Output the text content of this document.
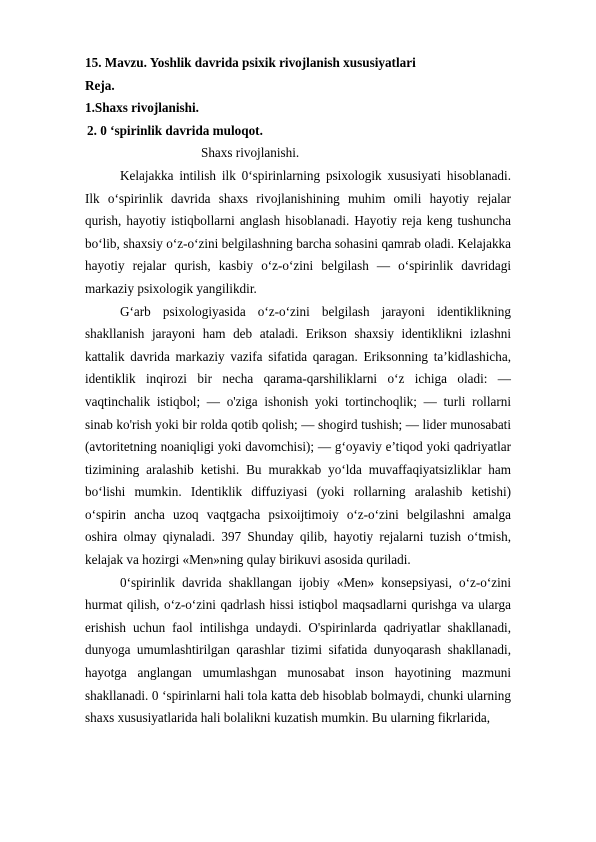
15. Mavzu. Yoshlik davrida psixik rivojlanish xususiyatlari

Reja.

1.Shaxs rivojlanishi.

2. 0 ‘spirinlik davrida muloqot.

Shaxs rivojlanishi.

Kelajakka intilish ilk 0‘spirinlarning psixologik xususiyati hisoblanadi. Ilk o‘spirinlik davrida shaxs rivojlanishining muhim omili hayotiy rejalar qurish, hayotiy istiqbollarni anglash hisoblanadi. Hayotiy reja keng tushuncha bo‘lib, shaxsiy o‘z-o‘zini belgilashning barcha sohasini qamrab oladi. Kelajakka hayotiy rejalar qurish, kasbiy o‘z-o‘zini belgilash — o‘spirinlik davridagi markaziy psixologik yangilikdir.

G‘arb psixologiyasida o‘z-o‘zini belgilash jarayoni identiklikning shakllanish jarayoni ham deb ataladi. Erikson shaxsiy identiklikni izlashni kattalik davrida markaziy vazifa sifatida qaragan. Eriksonning ta’kidlashicha, identiklik inqirozi bir necha qarama-qarshiliklarni o‘z ichiga oladi: — vaqtinchalik istiqbol; — o'ziga ishonish yoki tortinchoqlik; — turli rollarni sinab ko'rish yoki bir rolda qotib qolish; — shogird tushish; — lider munosabati (avtoritetning noaniqligi yoki davomchisi); — g‘oyaviy e’tiqod yoki qadriyatlar tizimining aralashib ketishi. Bu murakkab yo‘lda muvaffaqiyatsizliklar ham bo‘lishi mumkin. Identiklik diffuziyasi (yoki rollarning aralashib ketishi) o‘spirin ancha uzoq vaqtgacha psixoijtimoiy o‘z-o‘zini belgilashni amalga oshira olmay qiynaladi. 397 Shunday qilib, hayotiy rejalarni tuzish o‘tmish, kelajak va hozirgi «Men»ning qulay birikuvi asosida quriladi.

0‘spirinlik davrida shakllangan ijobiy «Men» konsepsiyasi, o‘z-o‘zini hurmat qilish, o‘z-o‘zini qadrlash hissi istiqbol maqsadlarni qurishga va ularga erishish uchun faol intilishga undaydi. O'spirinlarda qadriyatlar shakllanadi, dunyoga umumlashtirilgan qarashlar tizimi sifatida dunyoqarash shakllanadi, hayotga anglangan umumlashgan munosabat inson hayotining mazmuni shakllanadi. 0 ‘spirinlarni hali tola katta deb hisoblab bolmaydi, chunki ularning shaxs xususiyatlarida hali bolalikni kuzatish mumkin. Bu ularning fikrlarida,
